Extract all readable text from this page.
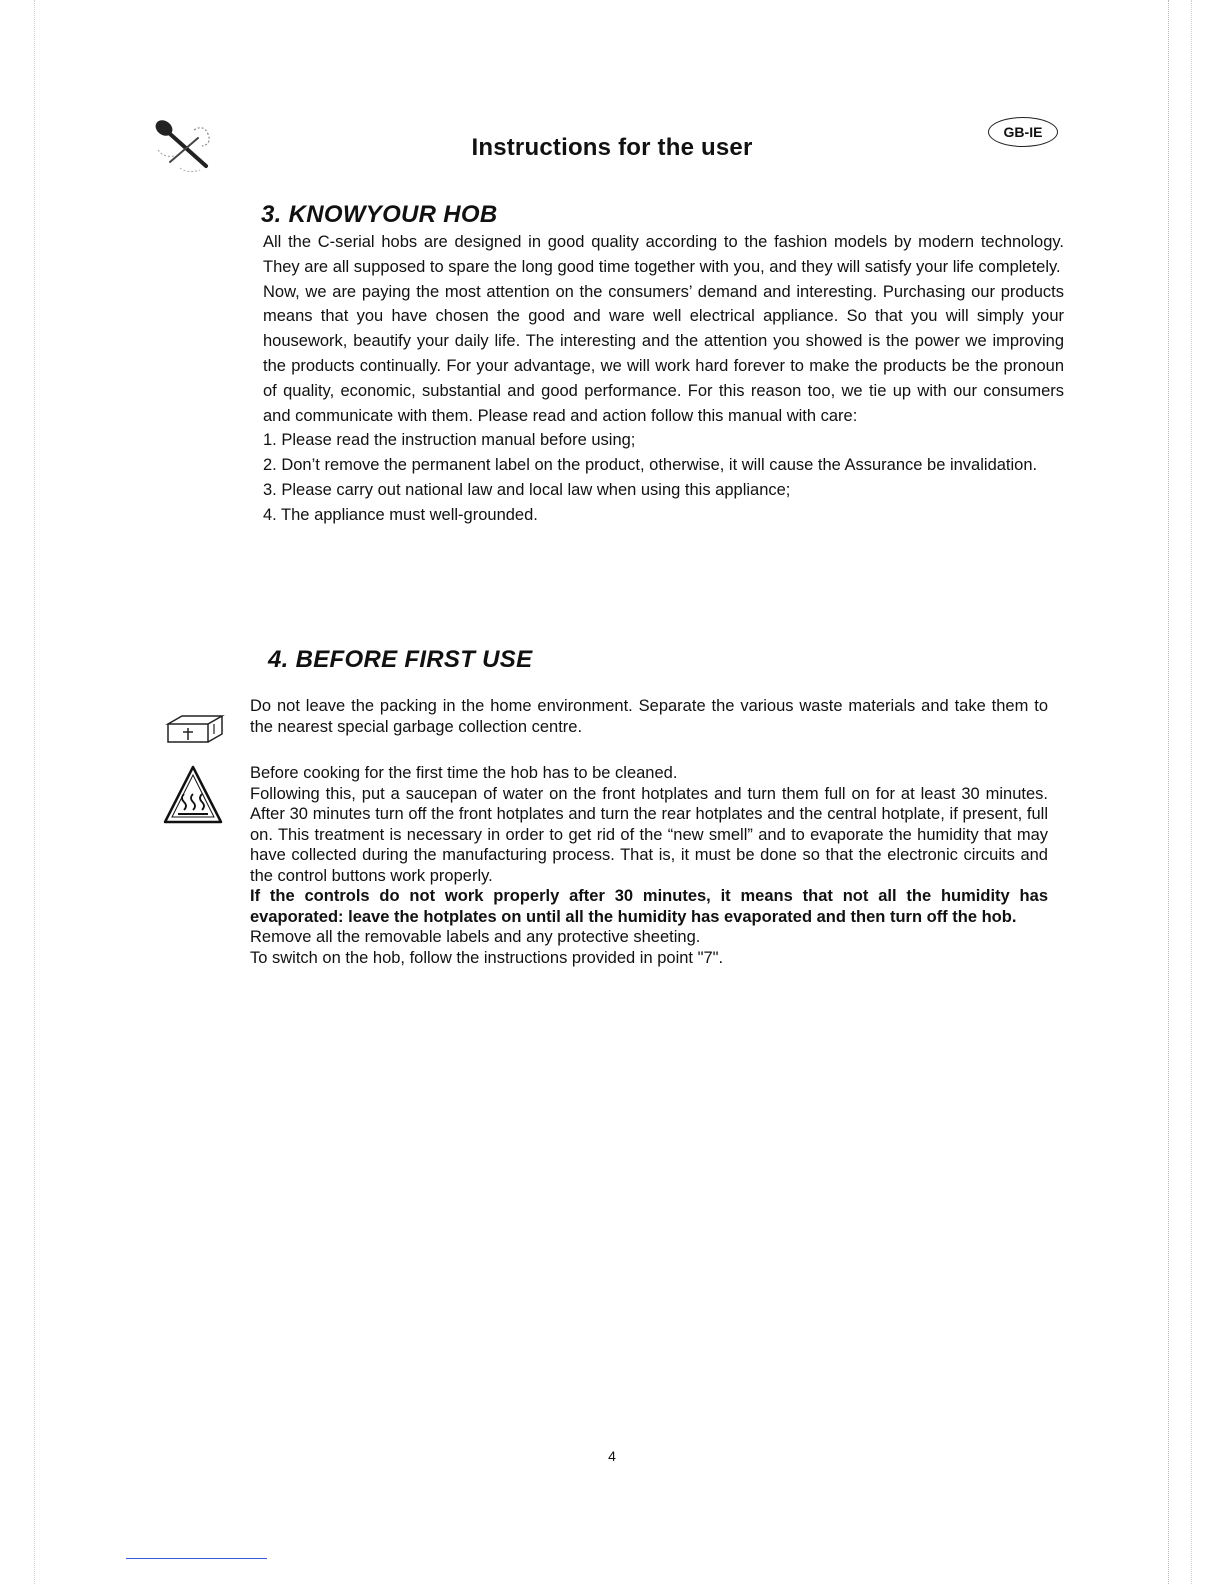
Instructions for the user
GB-IE
3. KNOWYOUR HOB

All the C-serial hobs are designed in good quality according to the fashion models by modern technology. They are all supposed to spare the long good time together with you, and they will satisfy your life completely.

Now, we are paying the most attention on the consumers’ demand and interesting. Purchasing our products means that you have chosen the good and ware well electrical appliance. So that you will simply your housework, beautify your daily life. The interesting and the attention you showed is the power we improving the products continually. For your advantage, we will work hard forever to make the products be the pronoun of quality, economic, substantial and good performance. For this reason too, we tie up with our consumers and communicate with them. Please read and action follow this manual with care:

1. Please read the instruction manual before using;

2. Don’t remove the permanent label on the product, otherwise, it will cause the Assurance be invalidation.

3. Please carry out national law and local law when using this appliance;

4. The appliance must well-grounded.

4. BEFORE FIRST USE

Do not leave the packing in the home environment. Separate the various waste materials and take them to the nearest special garbage collection centre.

Before cooking for the first time the hob has to be cleaned.

Following this, put a saucepan of water on the front hotplates and turn them full on for at least 30 minutes. After 30 minutes turn off the front hotplates and turn the rear hotplates and the central hotplate, if present, full on. This treatment is necessary in order to get rid of the “new smell” and to evaporate the humidity that may have collected during the manufacturing process. That is, it must be done so that the electronic circuits and the control buttons work properly.

If the controls do not work properly after 30 minutes, it means that not all the humidity has evaporated: leave the hotplates on until all the humidity has evaporated and then turn off the hob.

Remove all the removable labels and any protective sheeting.

To switch on the hob, follow the instructions provided in point "7".

4
